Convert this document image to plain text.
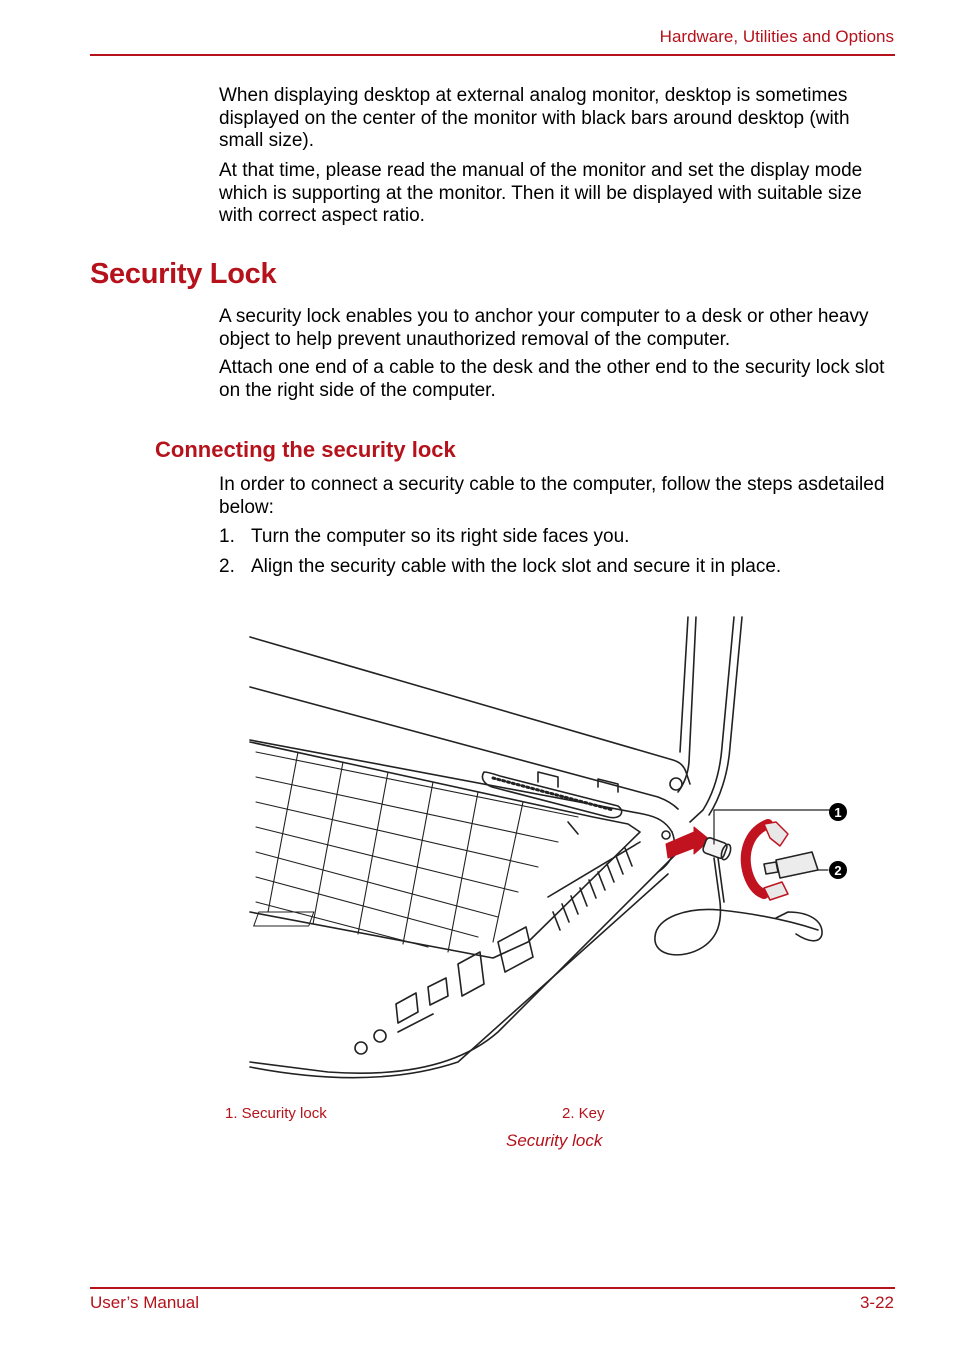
Hardware, Utilities and Options

When displaying desktop at external analog monitor, desktop is sometimes displayed on the center of the monitor with black bars around desktop (with small size).

At that time, please read the manual of the monitor and set the display mode which is supporting at the monitor. Then it will be displayed with suitable size with correct aspect ratio.

Security Lock

A security lock enables you to anchor your computer to a desk or other heavy object to help prevent unauthorized removal of the computer.

Attach one end of a cable to the desk and the other end to the security lock slot on the right side of the computer.

Connecting the security lock

In order to connect a security cable to the computer, follow the steps asdetailed below:

1. Turn the computer so its right side faces you.
2. Align the security cable with the lock slot and secure it in place.
1
2
1. Security lock	2. Key
Security lock
User’s Manual	3-22
